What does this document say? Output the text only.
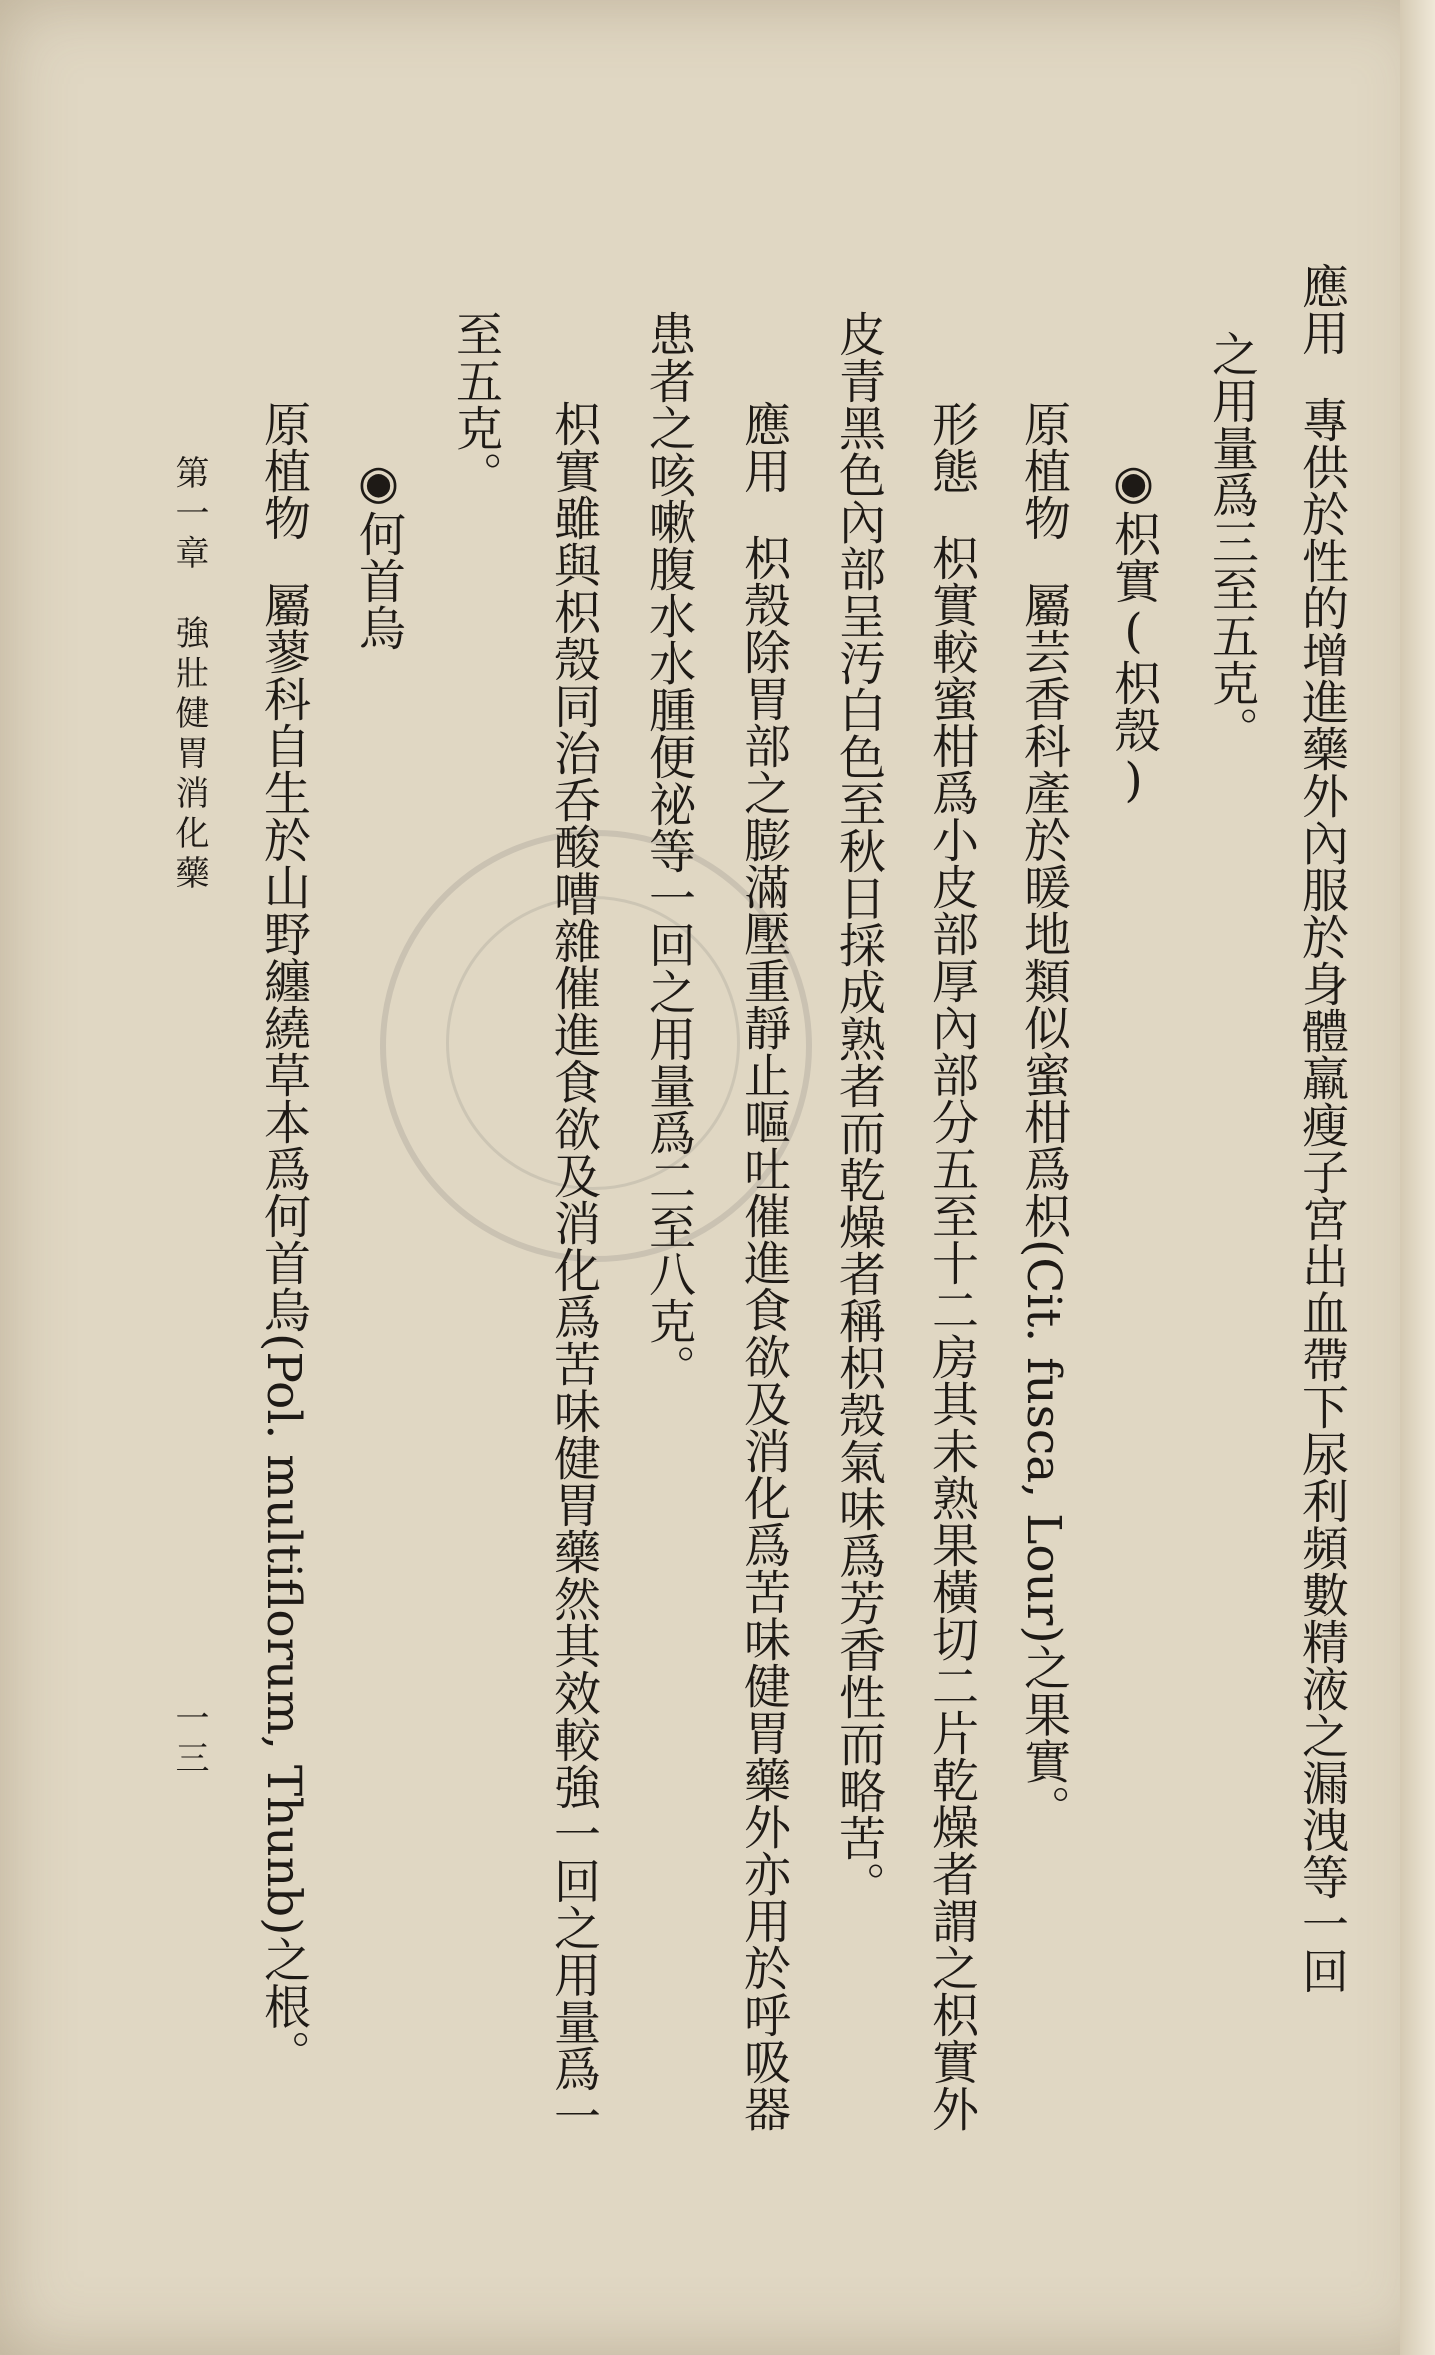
應用專供於性的增進藥外內服於身體羸瘦子宮出血帶下尿利頻數精液之漏洩等一回
之用量爲三至五克。
◉枳實(枳殼)
原植物屬芸香科產於暖地類似蜜柑爲枳(Cit. fusca, Lour)之果實。
形態枳實較蜜柑爲小皮部厚內部分五至十二房其未熟果橫切二片乾燥者謂之枳實外
皮青黑色內部呈汚白色至秋日採成熟者而乾燥者稱枳殼氣味爲芳香性而略苦。
應用枳殼除胃部之膨滿壓重靜止嘔吐催進食欲及消化爲苦味健胃藥外亦用於呼吸器
患者之咳嗽腹水水腫便祕等一回之用量爲二至八克。
枳實雖與枳殼同治呑酸嘈雜催進食欲及消化爲苦味健胃藥然其效較強一回之用量爲一
至五克。
◉何首烏
原植物屬蓼科自生於山野纏繞草本爲何首烏(Pol. multiflorum, Thunb)之根。
第一章強壯健胃消化藥
一三
